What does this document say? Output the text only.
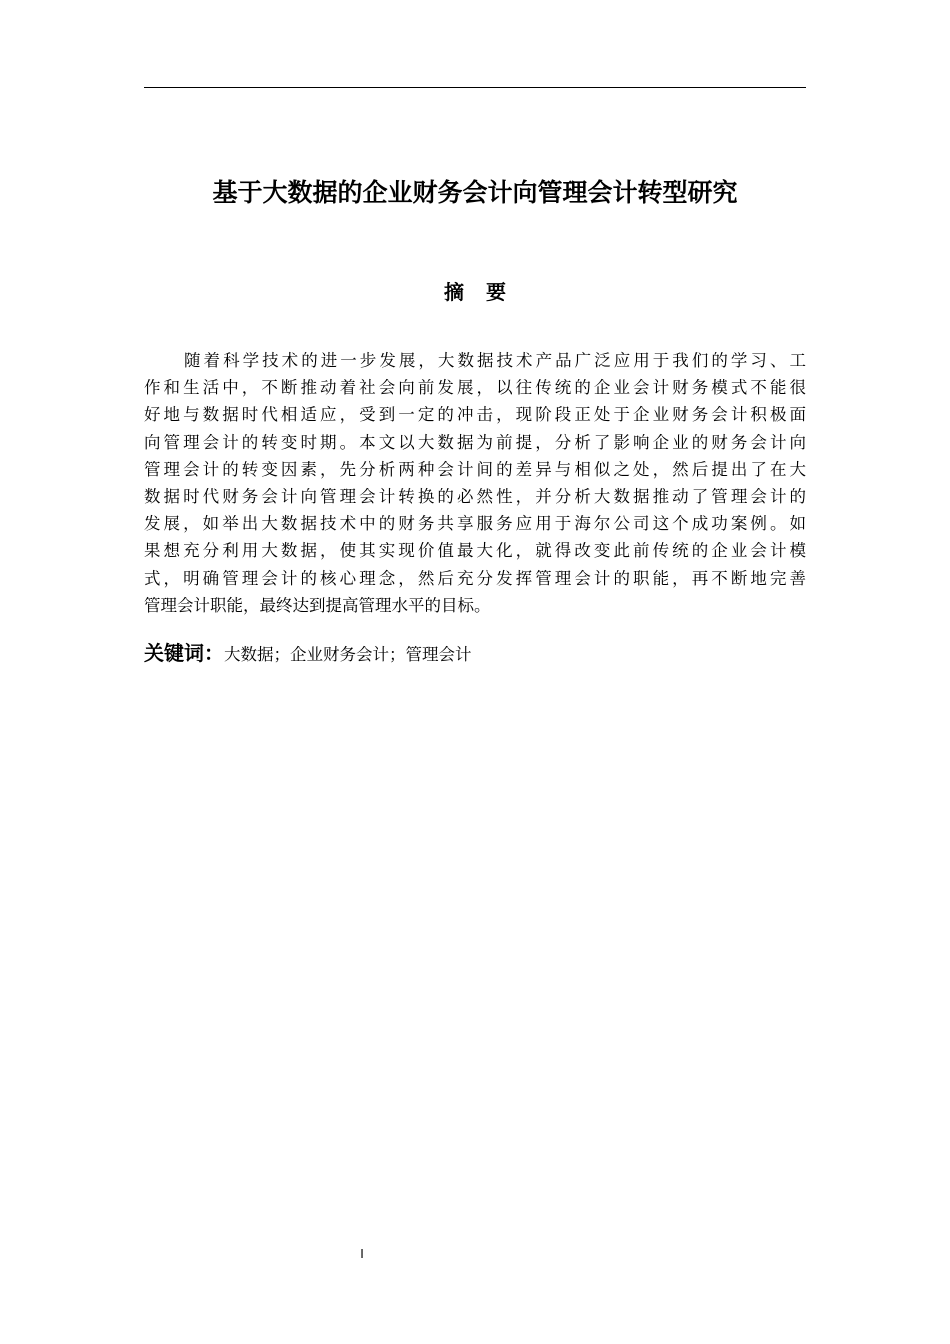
基于大数据的企业财务会计向管理会计转型研究
摘要
随着科学技术的进一步发展，大数据技术产品广泛应用于我们的学习、工
作和生活中，不断推动着社会向前发展，以往传统的企业会计财务模式不能很
好地与数据时代相适应，受到一定的冲击，现阶段正处于企业财务会计积极面
向管理会计的转变时期。本文以大数据为前提，分析了影响企业的财务会计向
管理会计的转变因素，先分析两种会计间的差异与相似之处，然后提出了在大
数据时代财务会计向管理会计转换的必然性，并分析大数据推动了管理会计的
发展，如举出大数据技术中的财务共享服务应用于海尔公司这个成功案例。如
果想充分利用大数据，使其实现价值最大化，就得改变此前传统的企业会计模
式，明确管理会计的核心理念，然后充分发挥管理会计的职能，再不断地完善
管理会计职能，最终达到提高管理水平的目标。

关键词：大数据；企业财务会计；管理会计

I
